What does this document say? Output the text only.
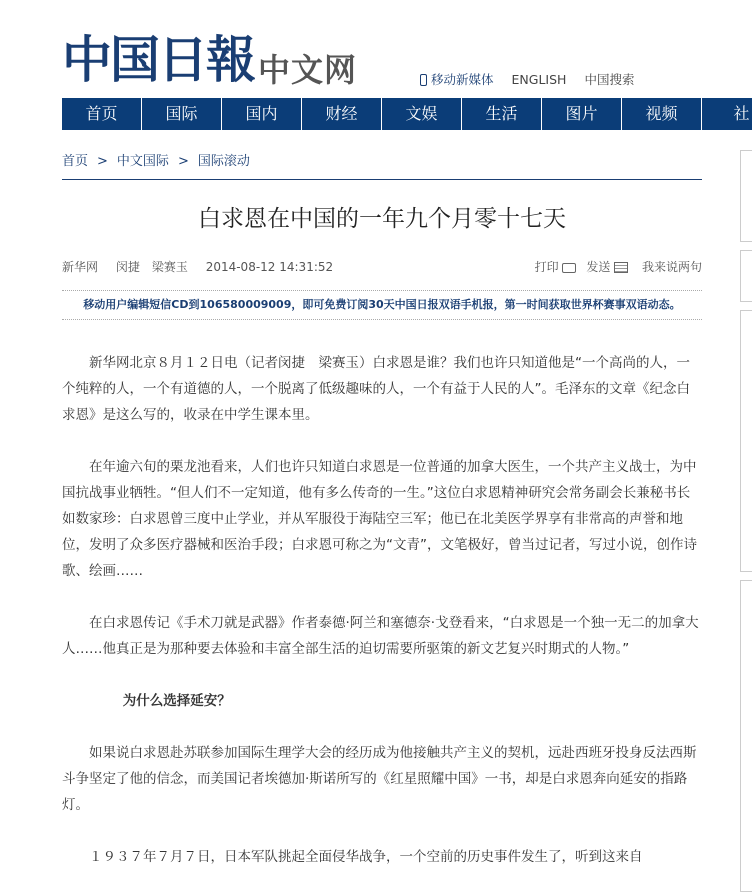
中国日報 中文网	移动新媒体 ENGLISH 中国搜索
首页	国际	国内	财经	文娱	生活	图片	视频	社
首页 > 中文国际 > 国际滚动
白求恩在中国的一年九个月零十七天
新华网 闵捷　梁赛玉 2014-08-12 14:31:52	打印 发送	我来说两句
移动用户编辑短信CD到106580009009，即可免费订阅30天中国日报双语手机报，第一时间获取世界杯赛事双语动态。

新华网北京８月１２日电（记者闵捷　梁赛玉）白求恩是谁？我们也许只知道他是“一个高尚的人，一个纯粹的人，一个有道德的人，一个脱离了低级趣味的人，一个有益于人民的人”。毛泽东的文章《纪念白求恩》是这么写的，收录在中学生课本里。

在年逾六旬的栗龙池看来，人们也许只知道白求恩是一位普通的加拿大医生，一个共产主义战士，为中国抗战事业牺牲。“但人们不一定知道，他有多么传奇的一生。”这位白求恩精神研究会常务副会长兼秘书长如数家珍：白求恩曾三度中止学业，并从军服役于海陆空三军；他已在北美医学界享有非常高的声誉和地位，发明了众多医疗器械和医治手段；白求恩可称之为“文青”，文笔极好，曾当过记者，写过小说，创作诗歌、绘画……

在白求恩传记《手术刀就是武器》作者泰德·阿兰和塞德奈·戈登看来，“白求恩是一个独一无二的加拿大人……他真正是为那种要去体验和丰富全部生活的迫切需要所驱策的新文艺复兴时期式的人物。”

为什么选择延安？

如果说白求恩赴苏联参加国际生理学大会的经历成为他接触共产主义的契机，远赴西班牙投身反法西斯斗争坚定了他的信念，而美国记者埃德加·斯诺所写的《红星照耀中国》一书，却是白求恩奔向延安的指路灯。

１９３７年７月７日，日本军队挑起全面侵华战争，一个空前的历史事件发生了，听到这来自
